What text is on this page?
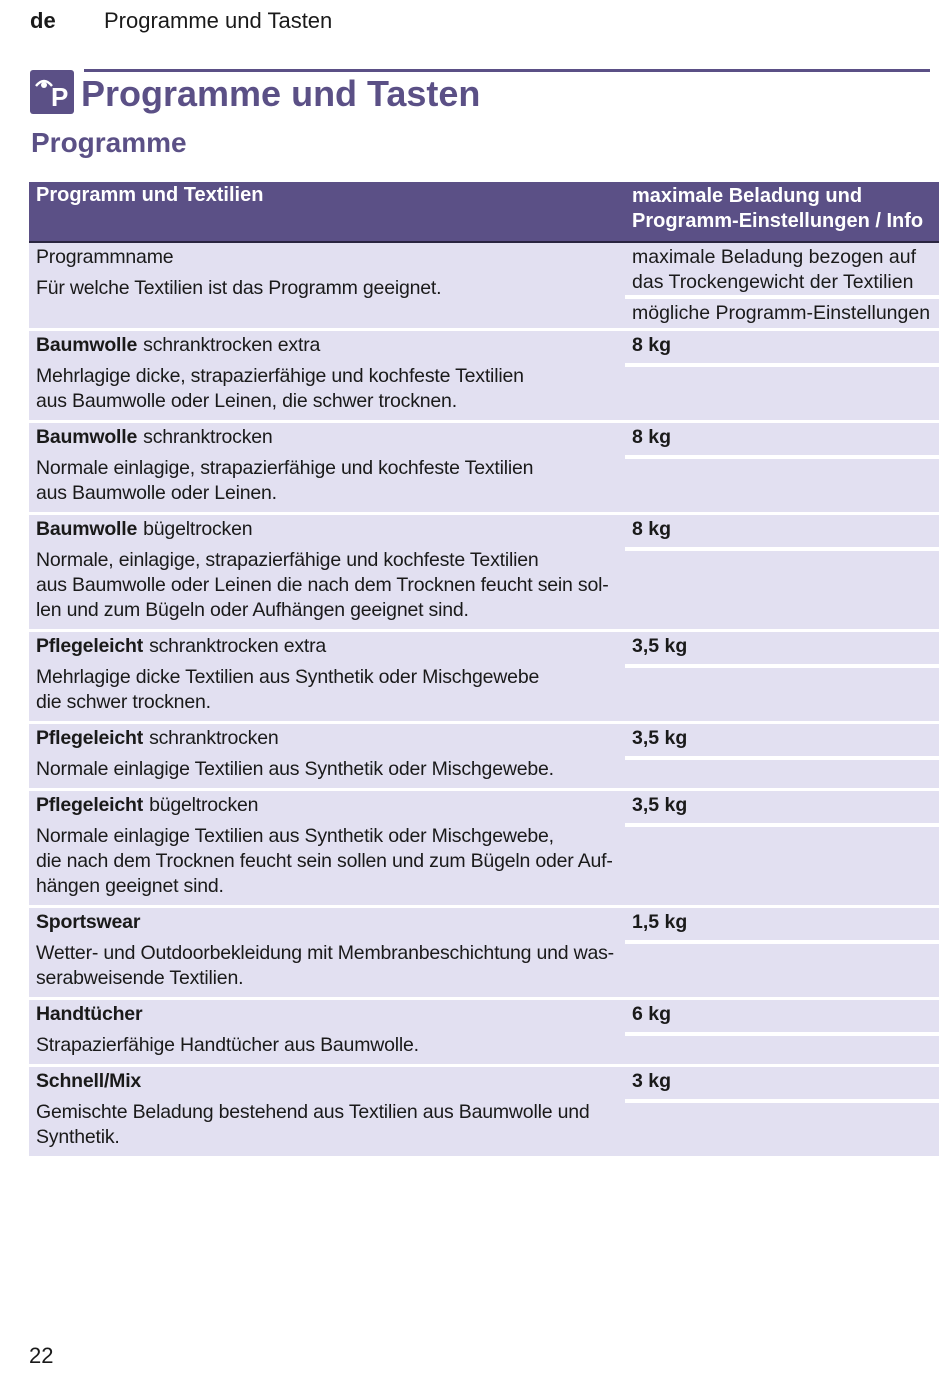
de Programme und Tasten
P Programme und Tasten
Programme
Programm und Textilien	maximale Beladung und Programm-Einstellungen / Info
Programmname
Für welche Textilien ist das Programm geeignet.
maximale Beladung bezogen auf das Trockengewicht der Textilien
mögliche Programm-Einstellungen
Baumwolle schranktrocken extra
Mehrlagige dicke, strapazierfähige und kochfeste Textilien
aus Baumwolle oder Leinen, die schwer trocknen.
8 kg
Baumwolle schranktrocken
Normale einlagige, strapazierfähige und kochfeste Textilien
aus Baumwolle oder Leinen.
8 kg
Baumwolle bügeltrocken
Normale, einlagige, strapazierfähige und kochfeste Textilien
aus Baumwolle oder Leinen die nach dem Trocknen feucht sein sol-
len und zum Bügeln oder Aufhängen geeignet sind.
8 kg
Pflegeleicht schranktrocken extra
Mehrlagige dicke Textilien aus Synthetik oder Mischgewebe
die schwer trocknen.
3,5 kg
Pflegeleicht schranktrocken
Normale einlagige Textilien aus Synthetik oder Mischgewebe.
3,5 kg
Pflegeleicht bügeltrocken
Normale einlagige Textilien aus Synthetik oder Mischgewebe,
die nach dem Trocknen feucht sein sollen und zum Bügeln oder Auf-
hängen geeignet sind.
3,5 kg
Sportswear
Wetter- und Outdoorbekleidung mit Membranbeschichtung und was-
serabweisende Textilien.
1,5 kg
Handtücher
Strapazierfähige Handtücher aus Baumwolle.
6 kg
Schnell/Mix
Gemischte Beladung bestehend aus Textilien aus Baumwolle und
Synthetik.
3 kg
22
